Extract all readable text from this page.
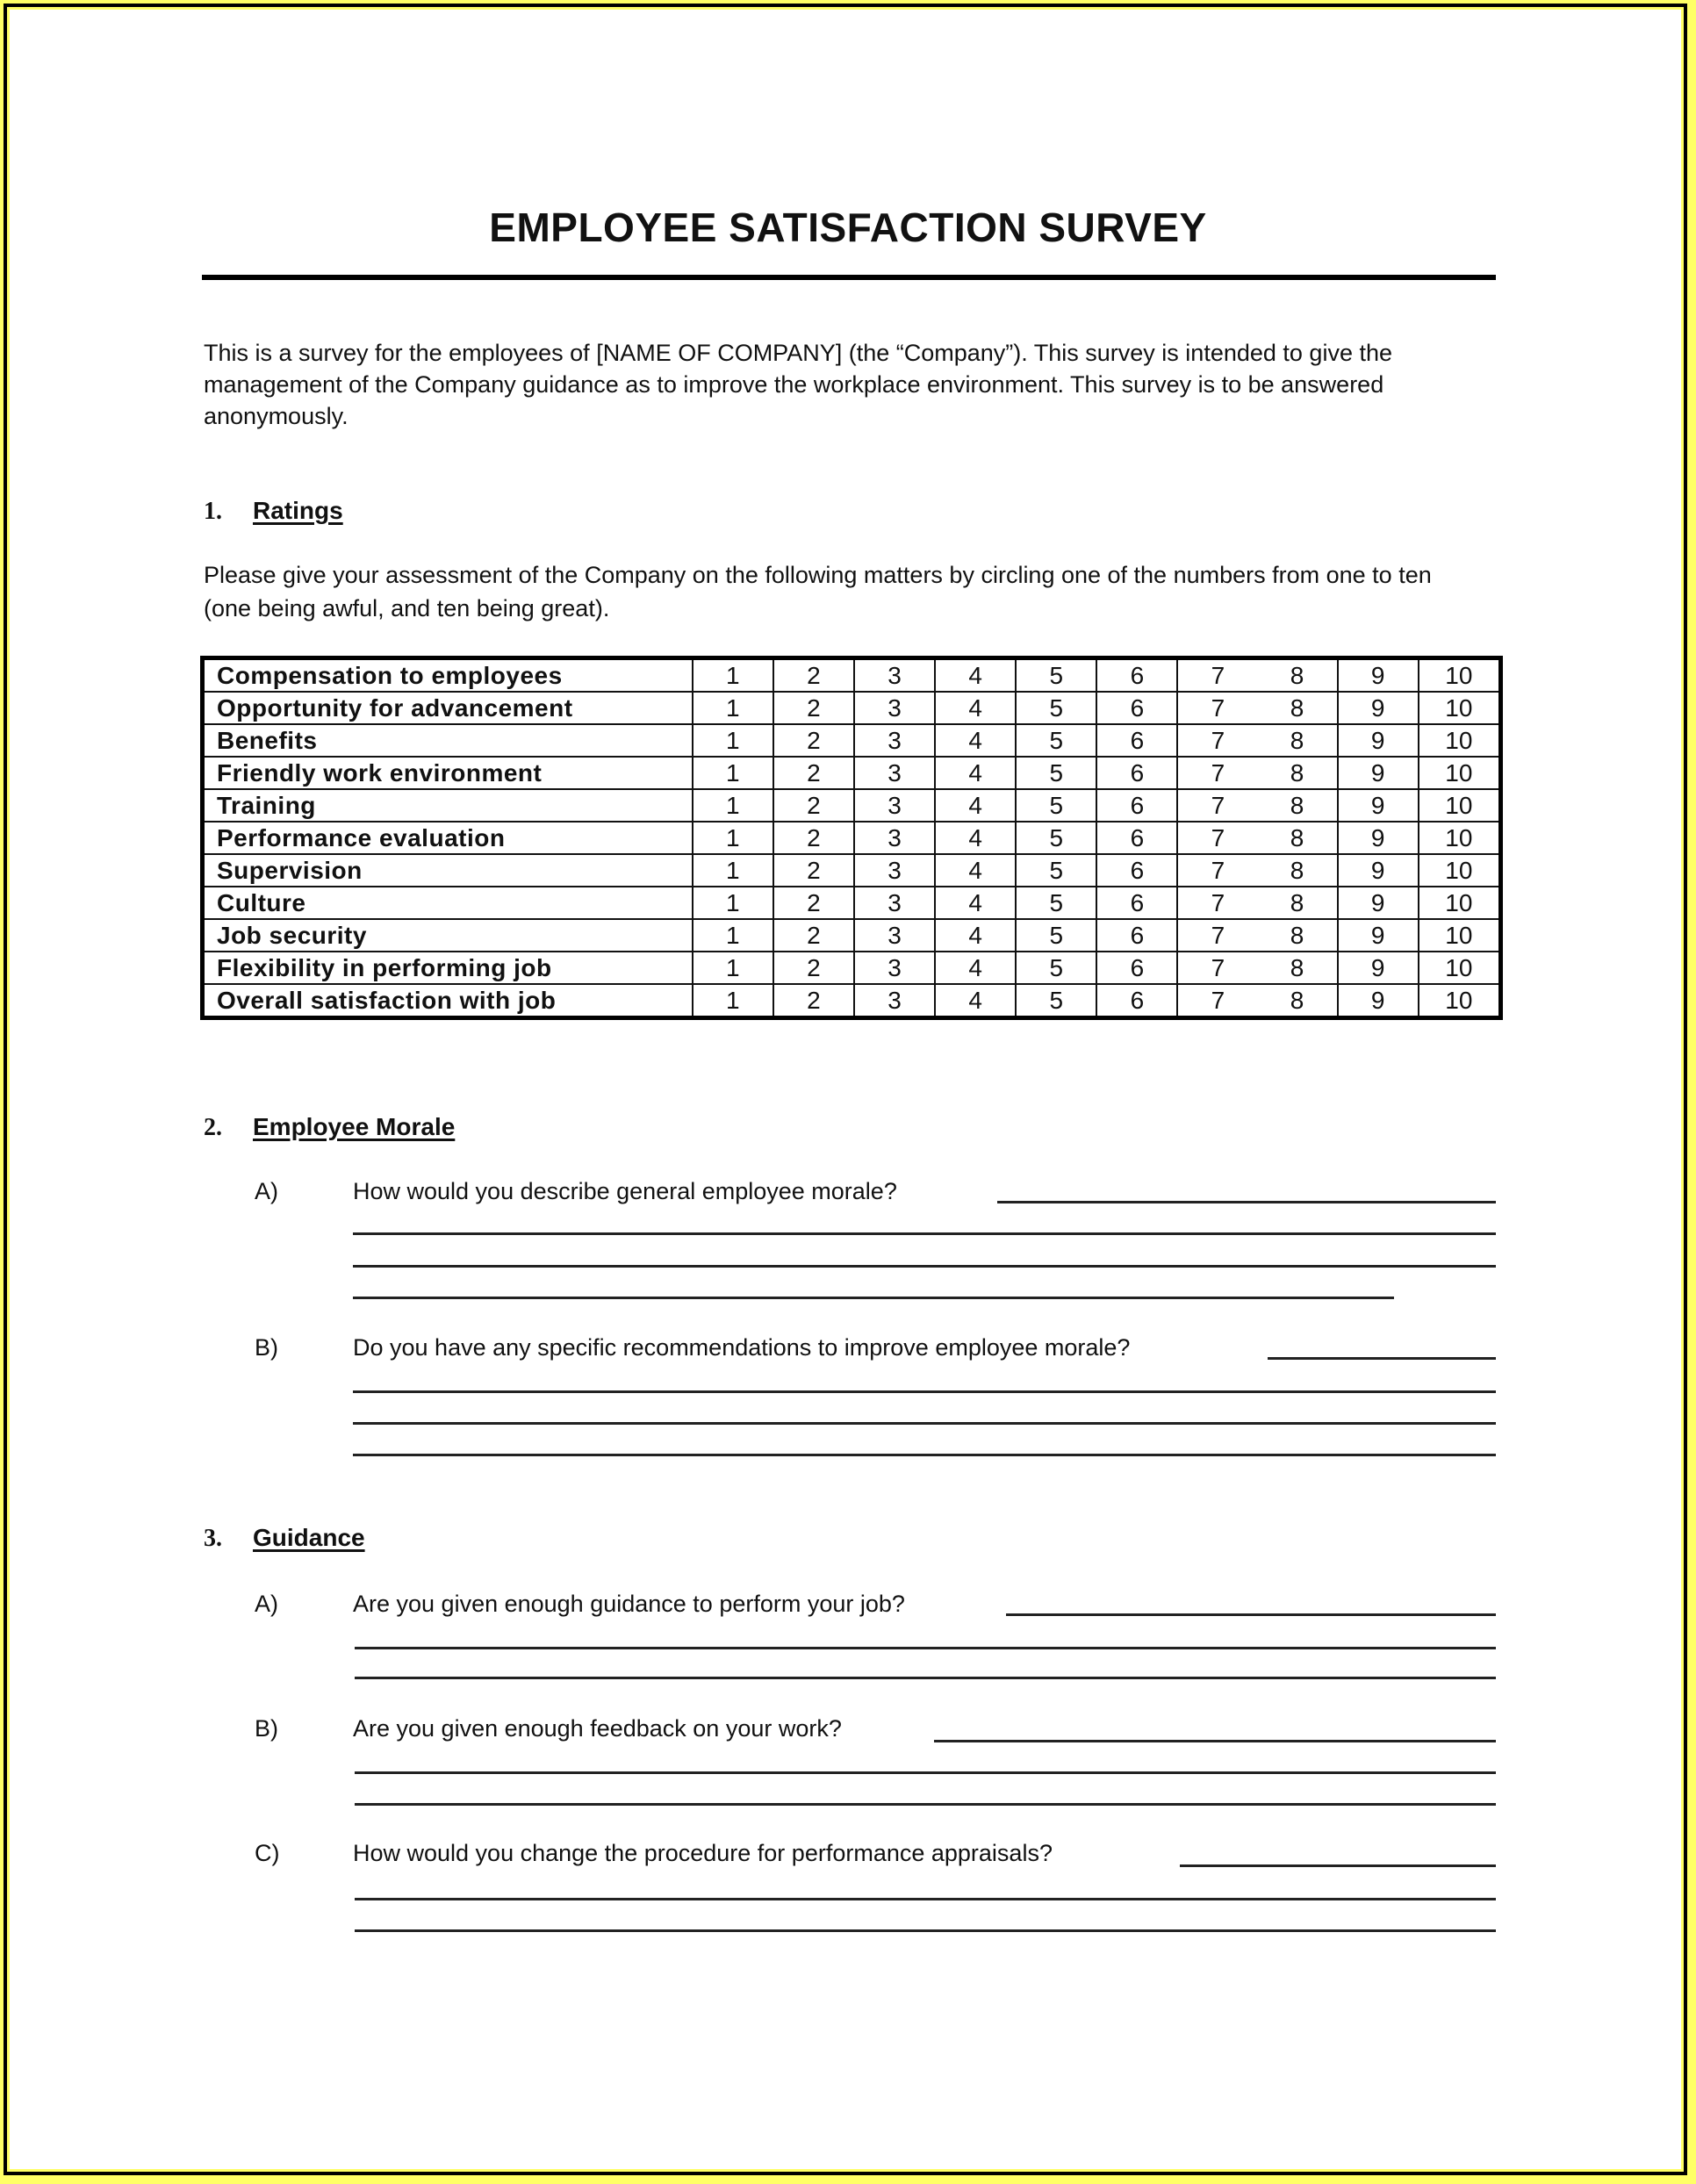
EMPLOYEE SATISFACTION SURVEY
This is a survey for the employees of [NAME OF COMPANY] (the “Company”). This survey is intended to give the management of the Company guidance as to improve the workplace environment. This survey is to be answered anonymously.
1. Ratings
Please give your assessment of the Company on the following matters by circling one of the numbers from one to ten (one being awful, and ten being great).
Compensation to employees	1	2	3	4	5	6	7	8	9	10
Opportunity for advancement	1	2	3	4	5	6	7	8	9	10
Benefits	1	2	3	4	5	6	7	8	9	10
Friendly work environment	1	2	3	4	5	6	7	8	9	10
Training	1	2	3	4	5	6	7	8	9	10
Performance evaluation	1	2	3	4	5	6	7	8	9	10
Supervision	1	2	3	4	5	6	7	8	9	10
Culture	1	2	3	4	5	6	7	8	9	10
Job security	1	2	3	4	5	6	7	8	9	10
Flexibility in performing job	1	2	3	4	5	6	7	8	9	10
Overall satisfaction with job	1	2	3	4	5	6	7	8	9	10
2. Employee Morale
A)	How would you describe general employee morale?
B)	Do you have any specific recommendations to improve employee morale?
3. Guidance
A)	Are you given enough guidance to perform your job?
B)	Are you given enough feedback on your work?
C)	How would you change the procedure for performance appraisals?
